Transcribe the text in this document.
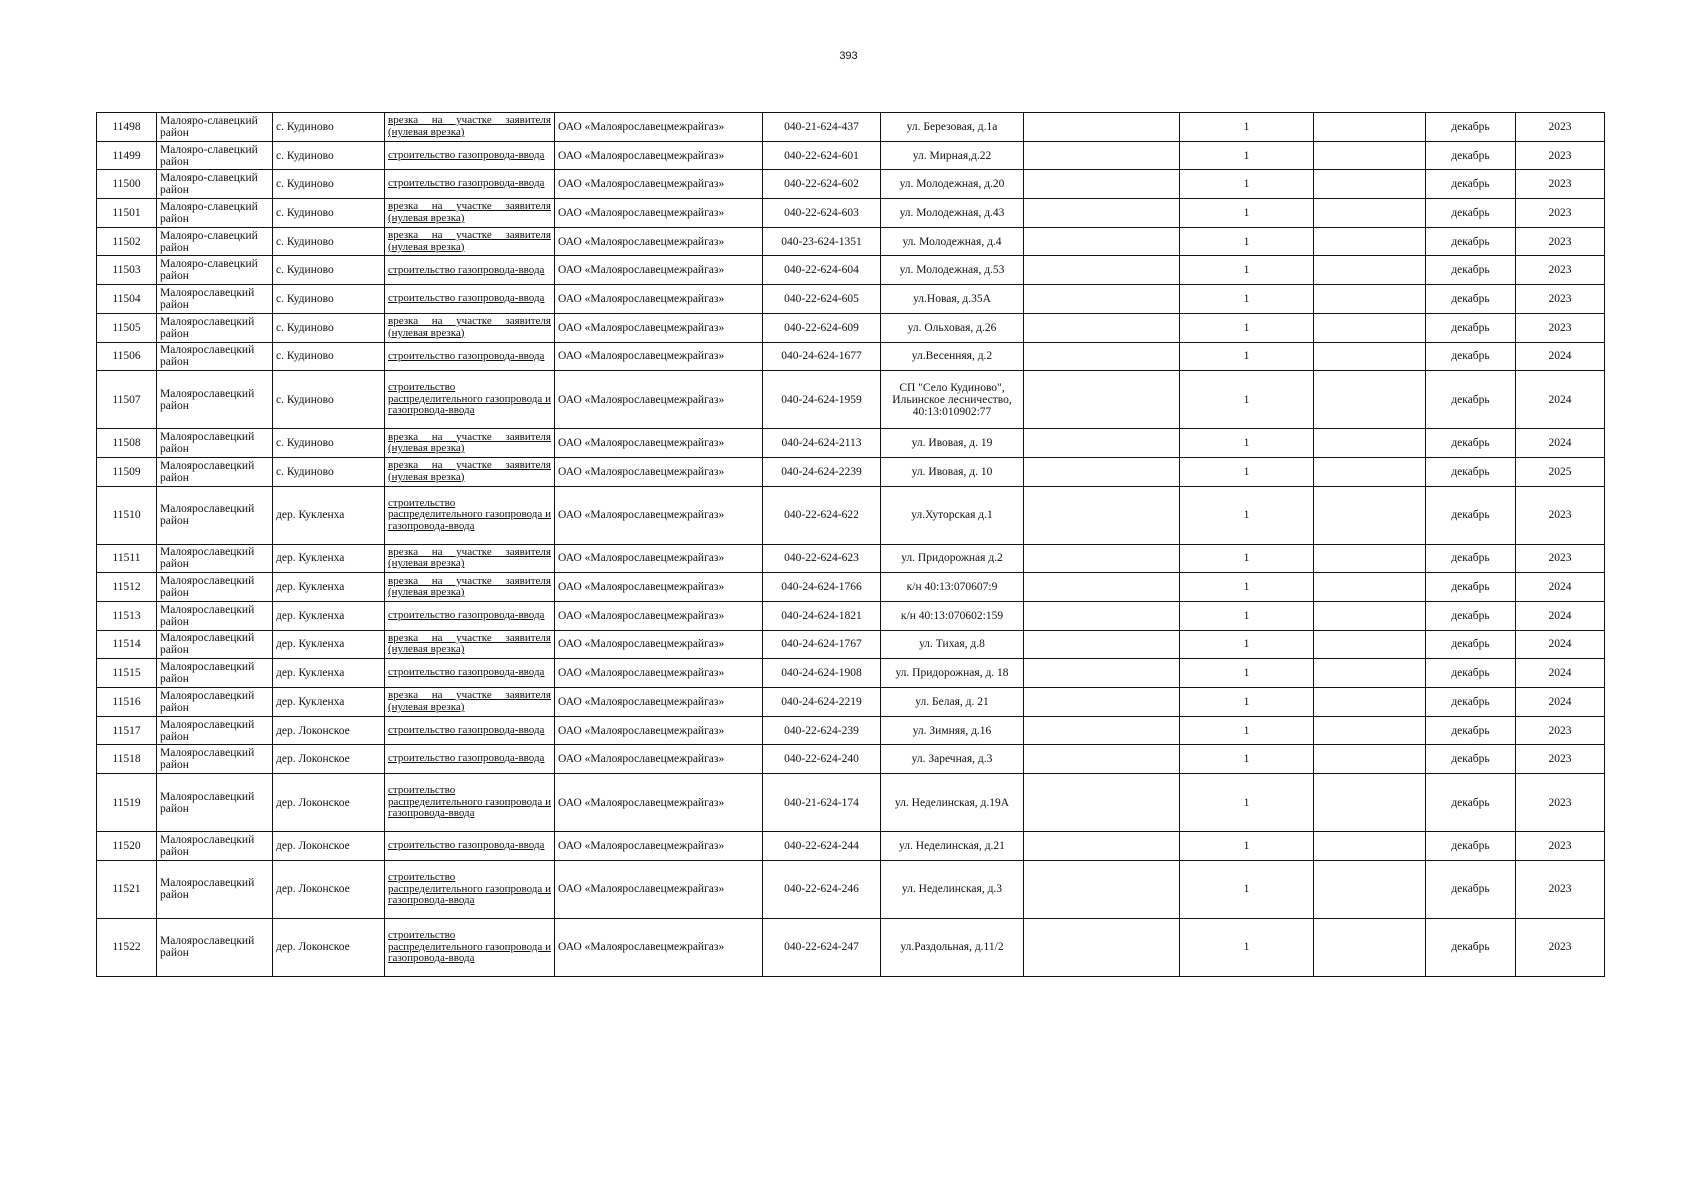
393
11498	Малояро-славецкий район	с. Кудиново	врезка на участке заявителя (нулевая врезка)	ОАО «Малоярославецмежрайгаз»	040-21-624-437	ул. Березовая, д.1а		1		декабрь	2023
11499	Малояро-славецкий район	с. Кудиново	строительство газопровода-ввода	ОАО «Малоярославецмежрайгаз»	040-22-624-601	ул. Мирная,д.22		1		декабрь	2023
11500	Малояро-славецкий район	с. Кудиново	строительство газопровода-ввода	ОАО «Малоярославецмежрайгаз»	040-22-624-602	ул. Молодежная, д.20		1		декабрь	2023
11501	Малояро-славецкий район	с. Кудиново	врезка на участке заявителя (нулевая врезка)	ОАО «Малоярославецмежрайгаз»	040-22-624-603	ул. Молодежная, д.43		1		декабрь	2023
11502	Малояро-славецкий район	с. Кудиново	врезка на участке заявителя (нулевая врезка)	ОАО «Малоярославецмежрайгаз»	040-23-624-1351	ул. Молодежная, д.4		1		декабрь	2023
11503	Малояро-славецкий район	с. Кудиново	строительство газопровода-ввода	ОАО «Малоярославецмежрайгаз»	040-22-624-604	ул. Молодежная, д.53		1		декабрь	2023
11504	Малоярославецкий район	с. Кудиново	строительство газопровода-ввода	ОАО «Малоярославецмежрайгаз»	040-22-624-605	ул.Новая, д.35А		1		декабрь	2023
11505	Малоярославецкий район	с. Кудиново	врезка на участке заявителя (нулевая врезка)	ОАО «Малоярославецмежрайгаз»	040-22-624-609	ул. Ольховая, д.26		1		декабрь	2023
11506	Малоярославецкий район	с. Кудиново	строительство газопровода-ввода	ОАО «Малоярославецмежрайгаз»	040-24-624-1677	ул.Весенняя, д.2		1		декабрь	2024
11507	Малоярославецкий район	с. Кудиново	строительство распределительного газопровода и газопровода-ввода	ОАО «Малоярославецмежрайгаз»	040-24-624-1959	СП "Село Кудиново", Ильинское лесничество, 40:13:010902:77		1		декабрь	2024
11508	Малоярославецкий район	с. Кудиново	врезка на участке заявителя (нулевая врезка)	ОАО «Малоярославецмежрайгаз»	040-24-624-2113	ул. Ивовая, д. 19		1		декабрь	2024
11509	Малоярославецкий район	с. Кудиново	врезка на участке заявителя (нулевая врезка)	ОАО «Малоярославецмежрайгаз»	040-24-624-2239	ул. Ивовая, д. 10		1		декабрь	2025
11510	Малоярославецкий район	дер. Кукленха	строительство распределительного газопровода и газопровода-ввода	ОАО «Малоярославецмежрайгаз»	040-22-624-622	ул.Хуторская д.1		1		декабрь	2023
11511	Малоярославецкий район	дер. Кукленха	врезка на участке заявителя (нулевая врезка)	ОАО «Малоярославецмежрайгаз»	040-22-624-623	ул. Придорожная д.2		1		декабрь	2023
11512	Малоярославецкий район	дер. Кукленха	врезка на участке заявителя (нулевая врезка)	ОАО «Малоярославецмежрайгаз»	040-24-624-1766	к/н 40:13:070607:9		1		декабрь	2024
11513	Малоярославецкий район	дер. Кукленха	строительство газопровода-ввода	ОАО «Малоярославецмежрайгаз»	040-24-624-1821	к/н 40:13:070602:159		1		декабрь	2024
11514	Малоярославецкий район	дер. Кукленха	врезка на участке заявителя (нулевая врезка)	ОАО «Малоярославецмежрайгаз»	040-24-624-1767	ул. Тихая, д.8		1		декабрь	2024
11515	Малоярославецкий район	дер. Кукленха	строительство газопровода-ввода	ОАО «Малоярославецмежрайгаз»	040-24-624-1908	ул. Придорожная, д. 18		1		декабрь	2024
11516	Малоярославецкий район	дер. Кукленха	врезка на участке заявителя (нулевая врезка)	ОАО «Малоярославецмежрайгаз»	040-24-624-2219	ул. Белая, д. 21		1		декабрь	2024
11517	Малоярославецкий район	дер. Локонское	строительство газопровода-ввода	ОАО «Малоярославецмежрайгаз»	040-22-624-239	ул. Зимняя, д.16		1		декабрь	2023
11518	Малоярославецкий район	дер. Локонское	строительство газопровода-ввода	ОАО «Малоярославецмежрайгаз»	040-22-624-240	ул. Заречная, д.3		1		декабрь	2023
11519	Малоярославецкий район	дер. Локонское	строительство распределительного газопровода и газопровода-ввода	ОАО «Малоярославецмежрайгаз»	040-21-624-174	ул. Неделинская, д.19А		1		декабрь	2023
11520	Малоярославецкий район	дер. Локонское	строительство газопровода-ввода	ОАО «Малоярославецмежрайгаз»	040-22-624-244	ул. Неделинская, д.21		1		декабрь	2023
11521	Малоярославецкий район	дер. Локонское	строительство распределительного газопровода и газопровода-ввода	ОАО «Малоярославецмежрайгаз»	040-22-624-246	ул. Неделинская, д.3		1		декабрь	2023
11522	Малоярославецкий район	дер. Локонское	строительство распределительного газопровода и газопровода-ввода	ОАО «Малоярославецмежрайгаз»	040-22-624-247	ул.Раздольная, д.11/2		1		декабрь	2023
